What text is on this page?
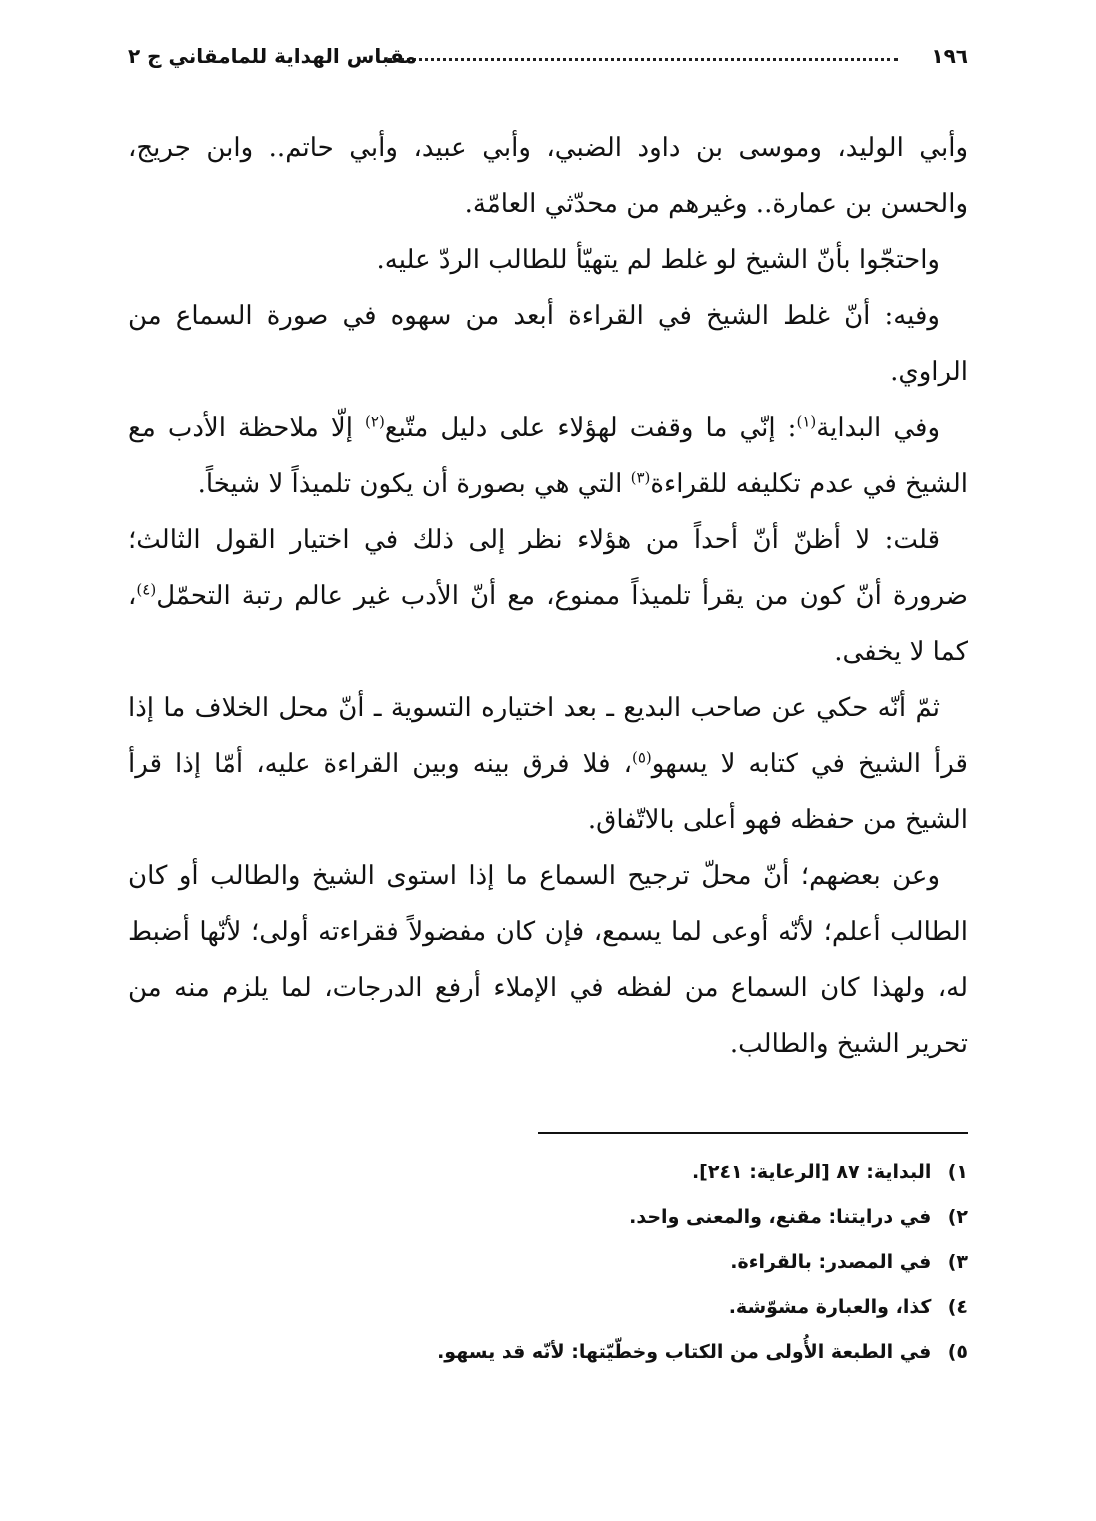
١٩٦
مقباس الهداية للمامقاني ج ٢

وأبي الوليد، وموسى بن داود الضبي، وأبي عبيد، وأبي حاتم.. وابن جريج، والحسن بن عمارة.. وغيرهم من محدّثي العامّة.

واحتجّوا بأنّ الشيخ لو غلط لم يتهيّأ للطالب الردّ عليه.

وفيه: أنّ غلط الشيخ في القراءة أبعد من سهوه في صورة السماع من الراوي.

وفي البداية$^{(١)}$: إنّي ما وقفت لهؤلاء على دليل متّبع$^{(٢)}$ إلّا ملاحظة الأدب مع الشيخ في عدم تكليفه للقراءة$^{(٣)}$ التي هي بصورة أن يكون تلميذاً لا شيخاً.

قلت: لا أظنّ أنّ أحداً من هؤلاء نظر إلى ذلك في اختيار القول الثالث؛ ضرورة أنّ كون من يقرأ تلميذاً ممنوع، مع أنّ الأدب غير عالم رتبة التحمّل$^{(٤)}$، كما لا يخفى.

ثمّ أنّه حكي عن صاحب البديع ـ بعد اختياره التسوية ـ أنّ محل الخلاف ما إذا قرأ الشيخ في كتابه لا يسهو$^{(٥)}$، فلا فرق بينه وبين القراءة عليه، أمّا إذا قرأ الشيخ من حفظه فهو أعلى بالاتّفاق.

وعن بعضهم؛ أنّ محلّ ترجيح السماع ما إذا استوى الشيخ والطالب أو كان الطالب أعلم؛ لأنّه أوعى لما يسمع، فإن كان مفضولاً فقراءته أولى؛ لأنّها أضبط له، ولهذا كان السماع من لفظه في الإملاء أرفع الدرجات، لما يلزم منه من تحرير الشيخ والطالب.

١) البداية: ٨٧ [الرعاية: ٢٤١].
٢) في درايتنا: مقنع، والمعنى واحد.
٣) في المصدر: بالقراءة.
٤) كذا، والعبارة مشوّشة.
٥) في الطبعة الأُولى من الكتاب وخطّيّتها: لأنّه قد يسهو.
